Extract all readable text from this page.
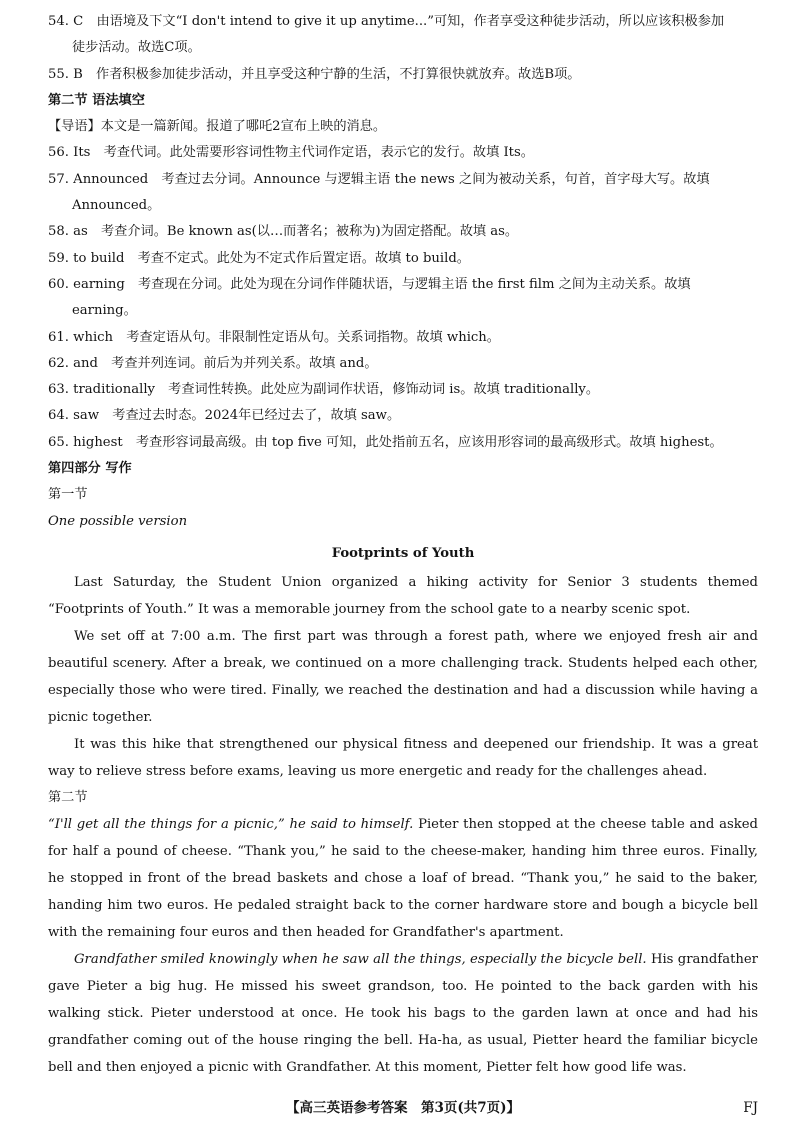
54. C　由语境及下文“I don't intend to give it up anytime...”可知，作者享受这种徒步活动，所以应该积极参加
徒步活动。故选C项。
55. B　作者积极参加徒步活动，并且享受这种宁静的生活，不打算很快就放弃。故选B项。
第二节 语法填空
【导语】本文是一篇新闻。报道了哪吒2宣布上映的消息。
56. Its　考查代词。此处需要形容词性物主代词作定语，表示它的发行。故填 Its。
57. Announced　考查过去分词。Announce 与逻辑主语 the news 之间为被动关系，句首，首字母大写。故填
Announced。
58. as　考查介词。Be known as(以…而著名；被称为)为固定搭配。故填 as。
59. to build　考查不定式。此处为不定式作后置定语。故填 to build。
60. earning　考查现在分词。此处为现在分词作伴随状语，与逻辑主语 the first film 之间为主动关系。故填
earning。
61. which　考查定语从句。非限制性定语从句。关系词指物。故填 which。
62. and　考查并列连词。前后为并列关系。故填 and。
63. traditionally　考查词性转换。此处应为副词作状语，修饰动词 is。故填 traditionally。
64. saw　考查过去时态。2024年已经过去了，故填 saw。
65. highest　考查形容词最高级。由 top five 可知，此处指前五名，应该用形容词的最高级形式。故填 highest。
第四部分 写作
第一节
One possible version
Footprints of Youth
Last Saturday, the Student Union organized a hiking activity for Senior 3 students themed “Footprints of Youth.” It was a memorable journey from the school gate to a nearby scenic spot.
We set off at 7:00 a.m. The first part was through a forest path, where we enjoyed fresh air and beautiful scenery. After a break, we continued on a more challenging track. Students helped each other, especially those who were tired. Finally, we reached the destination and had a discussion while having a picnic together.
It was this hike that strengthened our physical fitness and deepened our friendship. It was a great way to relieve stress before exams, leaving us more energetic and ready for the challenges ahead.
第二节
“I'll get all the things for a picnic,” he said to himself. Pieter then stopped at the cheese table and asked for half a pound of cheese. “Thank you,” he said to the cheese-maker, handing him three euros. Finally, he stopped in front of the bread baskets and chose a loaf of bread. “Thank you,” he said to the baker, handing him two euros. He pedaled straight back to the corner hardware store and bough a bicycle bell with the remaining four euros and then headed for Grandfather's apartment.
Grandfather smiled knowingly when he saw all the things, especially the bicycle bell. His grandfather gave Pieter a big hug. He missed his sweet grandson, too. He pointed to the back garden with his walking stick. Pieter understood at once. He took his bags to the garden lawn at once and had his grandfather coming out of the house ringing the bell. Ha-ha, as usual, Pietter heard the familiar bicycle bell and then enjoyed a picnic with Grandfather. At this moment, Pietter felt how good life was.
【高三英语参考答案　第3页(共7页)】	FJ
